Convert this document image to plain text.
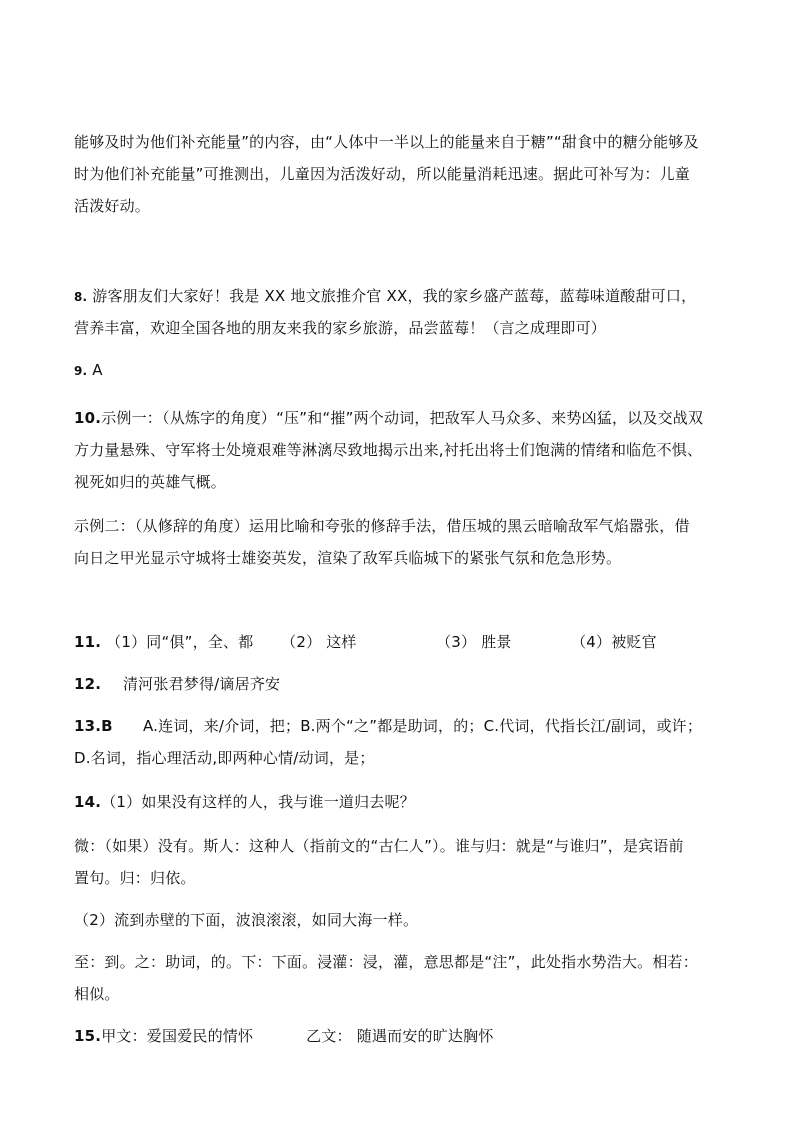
能够及时为他们补充能量”的内容，由“人体中一半以上的能量来自于糖”“甜食中的糖分能够及
时为他们补充能量”可推测出，儿童因为活泼好动，所以能量消耗迅速。据此可补写为：儿童
活泼好动。
8. 游客朋友们大家好！我是 XX 地文旅推介官 XX，我的家乡盛产蓝莓，蓝莓味道酸甜可口，
营养丰富，欢迎全国各地的朋友来我的家乡旅游，品尝蓝莓！（言之成理即可）
9. A
10.示例一：（从炼字的角度）“压”和“摧”两个动词，把敌军人马众多、来势凶猛，以及交战双
方力量悬殊、守军将士处境艰难等淋漓尽致地揭示出来,衬托出将士们饱满的情绪和临危不惧、
视死如归的英雄气概。
示例二：（从修辞的角度）运用比喻和夸张的修辞手法，借压城的黑云暗喻敌军气焰嚣张，借
向日之甲光显示守城将士雄姿英发，渲染了敌军兵临城下的紧张气氛和危急形势。
11. （1）同“俱”，全、都 （2） 这样	（3） 胜景	（4）被贬官
12. 清河张君梦得/谪居齐安
13.B A.连词，来/介词，把；B.两个“之”都是助词，的；C.代词，代指长江/副词，或许；
D.名词，指心理活动,即两种心情/动词，是；
14.（1）如果没有这样的人，我与谁一道归去呢？
微：（如果）没有。斯人：这种人（指前文的“古仁人”）。谁与归：就是“与谁归”，是宾语前
置句。归：归依。
（2）流到赤壁的下面，波浪滚滚，如同大海一样。
至：到。之：助词，的。下：下面。浸灌：浸，灌，意思都是“注”，此处指水势浩大。相若：
相似。
15.甲文：爱国爱民的情怀	乙文： 随遇而安的旷达胸怀
